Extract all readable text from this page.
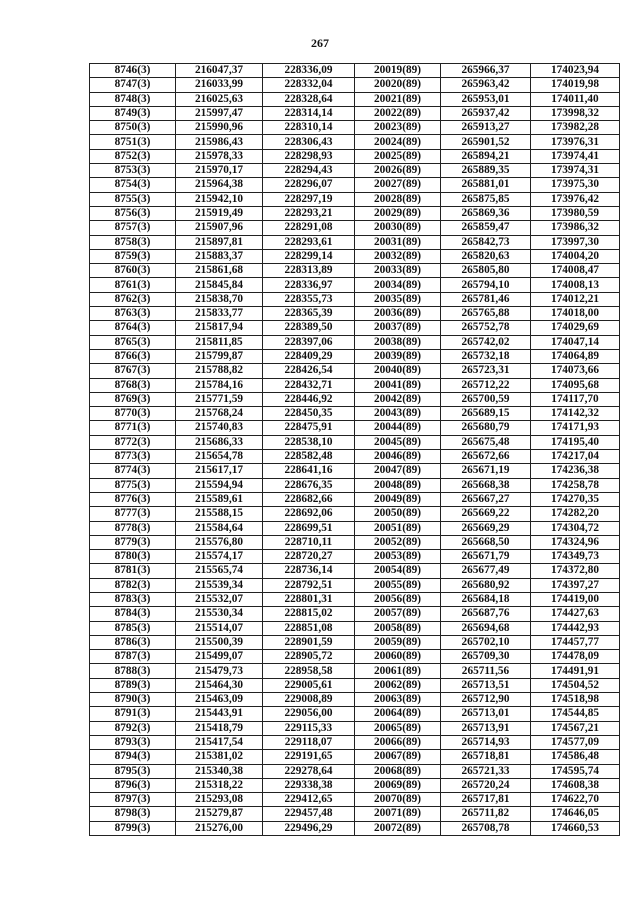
267
8746(3)	216047,37	228336,09	20019(89)	265966,37	174023,94
8747(3)	216033,99	228332,04	20020(89)	265963,42	174019,98
8748(3)	216025,63	228328,64	20021(89)	265953,01	174011,40
8749(3)	215997,47	228314,14	20022(89)	265937,42	173998,32
8750(3)	215990,96	228310,14	20023(89)	265913,27	173982,28
8751(3)	215986,43	228306,43	20024(89)	265901,52	173976,31
8752(3)	215978,33	228298,93	20025(89)	265894,21	173974,41
8753(3)	215970,17	228294,43	20026(89)	265889,35	173974,31
8754(3)	215964,38	228296,07	20027(89)	265881,01	173975,30
8755(3)	215942,10	228297,19	20028(89)	265875,85	173976,42
8756(3)	215919,49	228293,21	20029(89)	265869,36	173980,59
8757(3)	215907,96	228291,08	20030(89)	265859,47	173986,32
8758(3)	215897,81	228293,61	20031(89)	265842,73	173997,30
8759(3)	215883,37	228299,14	20032(89)	265820,63	174004,20
8760(3)	215861,68	228313,89	20033(89)	265805,80	174008,47
8761(3)	215845,84	228336,97	20034(89)	265794,10	174008,13
8762(3)	215838,70	228355,73	20035(89)	265781,46	174012,21
8763(3)	215833,77	228365,39	20036(89)	265765,88	174018,00
8764(3)	215817,94	228389,50	20037(89)	265752,78	174029,69
8765(3)	215811,85	228397,06	20038(89)	265742,02	174047,14
8766(3)	215799,87	228409,29	20039(89)	265732,18	174064,89
8767(3)	215788,82	228426,54	20040(89)	265723,31	174073,66
8768(3)	215784,16	228432,71	20041(89)	265712,22	174095,68
8769(3)	215771,59	228446,92	20042(89)	265700,59	174117,70
8770(3)	215768,24	228450,35	20043(89)	265689,15	174142,32
8771(3)	215740,83	228475,91	20044(89)	265680,79	174171,93
8772(3)	215686,33	228538,10	20045(89)	265675,48	174195,40
8773(3)	215654,78	228582,48	20046(89)	265672,66	174217,04
8774(3)	215617,17	228641,16	20047(89)	265671,19	174236,38
8775(3)	215594,94	228676,35	20048(89)	265668,38	174258,78
8776(3)	215589,61	228682,66	20049(89)	265667,27	174270,35
8777(3)	215588,15	228692,06	20050(89)	265669,22	174282,20
8778(3)	215584,64	228699,51	20051(89)	265669,29	174304,72
8779(3)	215576,80	228710,11	20052(89)	265668,50	174324,96
8780(3)	215574,17	228720,27	20053(89)	265671,79	174349,73
8781(3)	215565,74	228736,14	20054(89)	265677,49	174372,80
8782(3)	215539,34	228792,51	20055(89)	265680,92	174397,27
8783(3)	215532,07	228801,31	20056(89)	265684,18	174419,00
8784(3)	215530,34	228815,02	20057(89)	265687,76	174427,63
8785(3)	215514,07	228851,08	20058(89)	265694,68	174442,93
8786(3)	215500,39	228901,59	20059(89)	265702,10	174457,77
8787(3)	215499,07	228905,72	20060(89)	265709,30	174478,09
8788(3)	215479,73	228958,58	20061(89)	265711,56	174491,91
8789(3)	215464,30	229005,61	20062(89)	265713,51	174504,52
8790(3)	215463,09	229008,89	20063(89)	265712,90	174518,98
8791(3)	215443,91	229056,00	20064(89)	265713,01	174544,85
8792(3)	215418,79	229115,33	20065(89)	265713,91	174567,21
8793(3)	215417,54	229118,07	20066(89)	265714,93	174577,09
8794(3)	215381,02	229191,65	20067(89)	265718,81	174586,48
8795(3)	215340,38	229278,64	20068(89)	265721,33	174595,74
8796(3)	215318,22	229338,38	20069(89)	265720,24	174608,38
8797(3)	215293,08	229412,65	20070(89)	265717,81	174622,70
8798(3)	215279,87	229457,48	20071(89)	265711,82	174646,05
8799(3)	215276,00	229496,29	20072(89)	265708,78	174660,53
